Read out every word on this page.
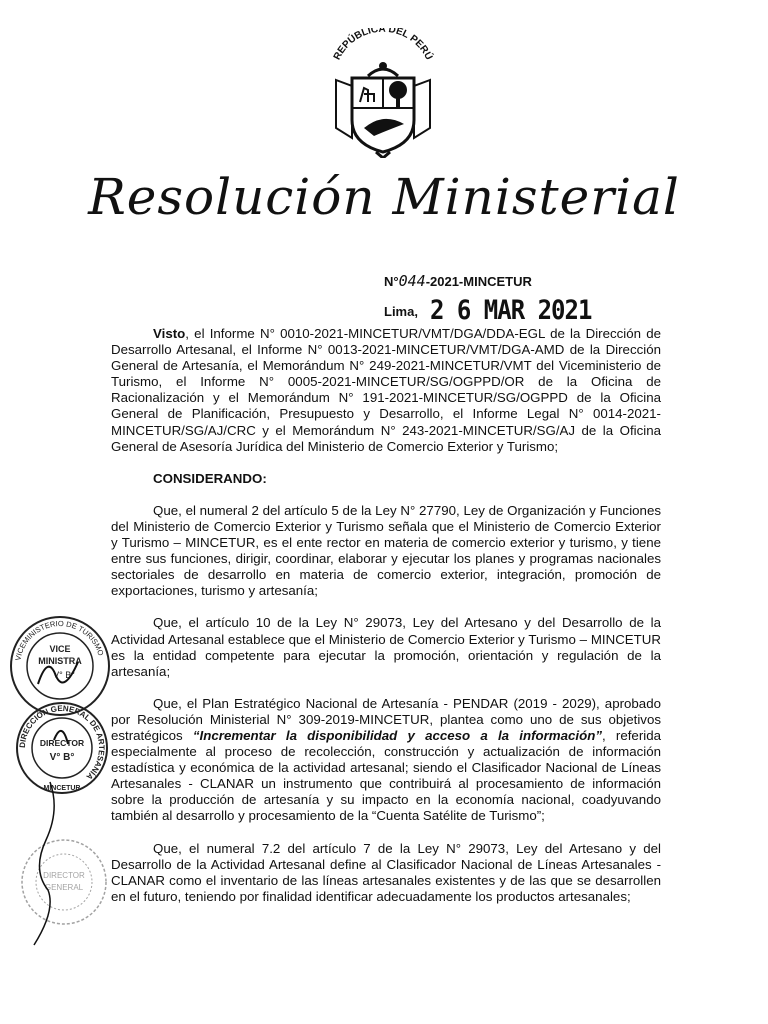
REPÚBLICA DEL PERÚ
Resolución Ministerial
N°044-2021-MINCETUR
Lima, 2 6 MAR 2021

Visto, el Informe N° 0010-2021-MINCETUR/VMT/DGA/DDA-EGL de la Dirección de Desarrollo Artesanal, el Informe N° 0013-2021-MINCETUR/VMT/DGA-AMD de la Dirección General de Artesanía, el Memorándum N° 249-2021-MINCETUR/VMT del Viceministerio de Turismo, el Informe N° 0005-2021-MINCETUR/SG/OGPPD/OR de la Oficina de Racionalización y el Memorándum N° 191-2021-MINCETUR/SG/OGPPD de la Oficina General de Planificación, Presupuesto y Desarrollo, el Informe Legal N° 0014-2021-MINCETUR/SG/AJ/CRC y el Memorándum N° 243-2021-MINCETUR/SG/AJ de la Oficina General de Asesoría Jurídica del Ministerio de Comercio Exterior y Turismo;

CONSIDERANDO:

Que, el numeral 2 del artículo 5 de la Ley N° 27790, Ley de Organización y Funciones del Ministerio de Comercio Exterior y Turismo señala que el Ministerio de Comercio Exterior y Turismo – MINCETUR, es el ente rector en materia de comercio exterior y turismo, y tiene entre sus funciones, dirigir, coordinar, elaborar y ejecutar los planes y programas nacionales sectoriales de desarrollo en materia de comercio exterior, integración, promoción de exportaciones, turismo y artesanía;

Que, el artículo 10 de la Ley N° 29073, Ley del Artesano y del Desarrollo de la Actividad Artesanal establece que el Ministerio de Comercio Exterior y Turismo – MINCETUR es la entidad competente para ejecutar la promoción, orientación y regulación de la artesanía;

Que, el Plan Estratégico Nacional de Artesanía - PENDAR (2019 - 2029), aprobado por Resolución Ministerial N° 309-2019-MINCETUR, plantea como uno de sus objetivos estratégicos “Incrementar la disponibilidad y acceso a la información”, referida especialmente al proceso de recolección, construcción y actualización de información estadística y económica de la actividad artesanal; siendo el Clasificador Nacional de Líneas Artesanales - CLANAR un instrumento que contribuirá al procesamiento de información sobre la producción de artesanía y su impacto en la economía nacional, coadyuvando también al desarrollo y procesamiento de la “Cuenta Satélite de Turismo”;

Que, el numeral 7.2 del artículo 7 de la Ley N° 29073, Ley del Artesano y del Desarrollo de la Actividad Artesanal define al Clasificador Nacional de Líneas Artesanales - CLANAR como el inventario de las líneas artesanales existentes y de las que se desarrollen en el futuro, teniendo por finalidad identificar adecuadamente los productos artesanales;

VICEMINISTERIO DE TURISMO
VICE
MINISTRA
V° B°
DIRECCIÓN GENERAL DE ARTESANÍA
DIRECTOR
V° B°
MINCETUR
DIRECTOR
GENERAL
